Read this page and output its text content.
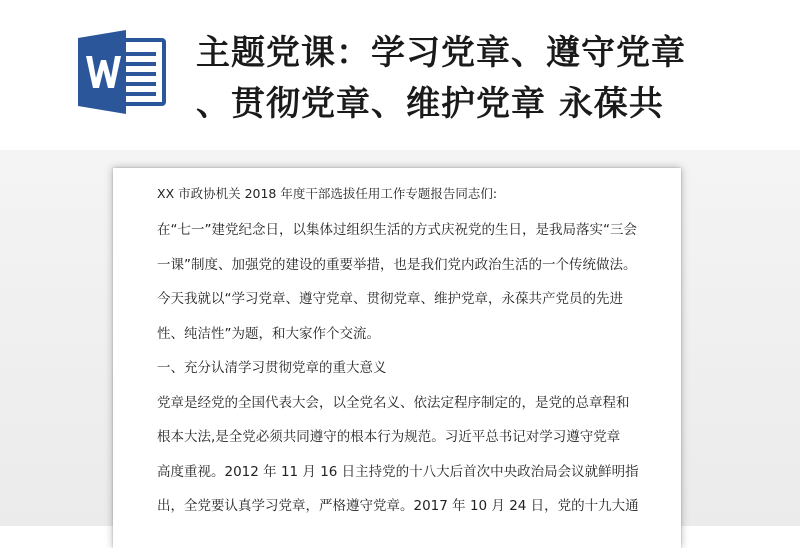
主题党课：学习党章、遵守党章
、贯彻党章、维护党章 永葆共

XX 市政协机关 2018 年度干部选拔任用工作专题报告同志们:

在“七一”建党纪念日，以集体过组织生活的方式庆祝党的生日，是我局落实“三会

一课”制度、加强党的建设的重要举措，也是我们党内政治生活的一个传统做法。

今天我就以“学习党章、遵守党章、贯彻党章、维护党章，永葆共产党员的先进

性、纯洁性”为题，和大家作个交流。

一、充分认清学习贯彻党章的重大意义

党章是经党的全国代表大会，以全党名义、依法定程序制定的，是党的总章程和

根本大法,是全党必须共同遵守的根本行为规范。习近平总书记对学习遵守党章

高度重视。2012 年 11 月 16 日主持党的十八大后首次中央政治局会议就鲜明指

出，全党要认真学习党章，严格遵守党章。2017 年 10 月 24 日，党的十九大通
